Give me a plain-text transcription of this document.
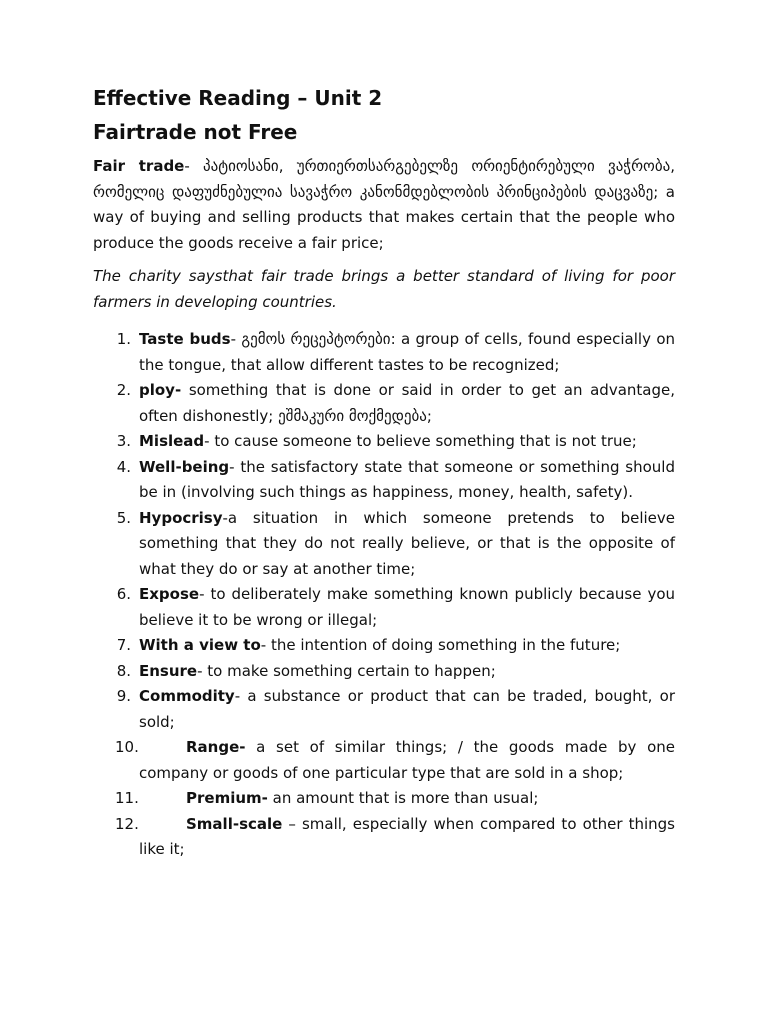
Effective Reading – Unit 2
Fairtrade not Free

Fair trade- პატიოსანი, ურთიერთსარგებელზე ორიენტირებული ვაჭრობა, რომელიც დაფუძნებულია სავაჭრო კანონმდებლობის პრინციპების დაცვაზე; a way of buying and selling products that makes certain that the people who produce the goods receive a fair price;

The charity saysthat fair trade brings a better standard of living for poor farmers in developing countries.

1. Taste buds- გემოს რეცეპტორები: a group of cells, found especially on the tongue, that allow different tastes to be recognized;
2. ploy- something that is done or said in order to get an advantage, often dishonestly; ეშმაკური მოქმედება;
3. Mislead- to cause someone to believe something that is not true;
4. Well-being- the satisfactory state that someone or something should be in (involving such things as happiness, money, health, safety).
5. Hypocrisy-a situation in which someone pretends to believe something that they do not really believe, or that is the opposite of what they do or say at another time;
6. Expose- to deliberately make something known publicly because you believe it to be wrong or illegal;
7. With a view to- the intention of doing something in the future;
8. Ensure- to make something certain to happen;
9. Commodity- a substance or product that can be traded, bought, or sold;
10.	Range- a set of similar things; / the goods made by one company or goods of one particular type that are sold in a shop;
11.	Premium- an amount that is more than usual;
12.	Small-scale – small, especially when compared to other things like it;
